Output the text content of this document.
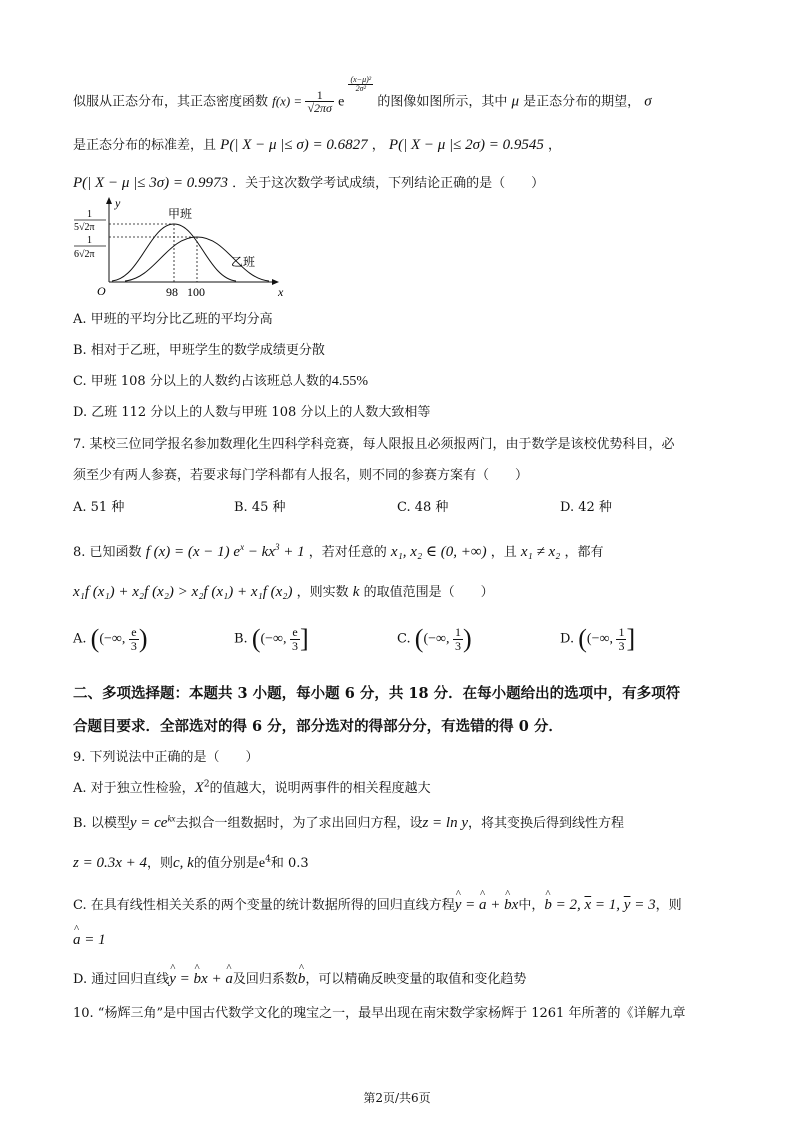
似服从正态分布，其正态密度函数 $f(x) = \frac{1}{√2\pi\sigma}$ e
$\frac{\text{(x−μ)²}}{\text{2σ²}}$
的图像如图所示，其中 μ 是正态分布的期望， σ
是正态分布的标准差，且 P(| X − μ |≤ σ) = 0.6827 ， P(| X − μ |≤ 2σ) = 0.9545 ，
P(| X − μ |≤ 3σ) = 0.9973 ．关于这次数学考试成绩，下列结论正确的是（　　）
y
x
O
1
5√2π
1
6√2π
98 100
甲班
乙班
A. 甲班的平均分比乙班的平均分高
B. 相对于乙班，甲班学生的数学成绩更分散
C. 甲班 108 分以上的人数约占该班总人数的4.55%
D. 乙班 112 分以上的人数与甲班 108 分以上的人数大致相等
7. 某校三位同学报名参加数理化生四科学科竞赛，每人限报且必须报两门，由于数学是该校优势科目，必
须至少有两人参赛，若要求每门学科都有人报名，则不同的参赛方案有（　　）
A. 51 种	B. 45 种	C. 48 种	D. 42 种
8. 已知函数 f (x) = (x − 1) $e^x - kx^3 + 1$ ，若对任意的 x₁, x₂ ∈ (0, +∞) ，且 x₁ ≠ x₂ ，都有
x₁f (x₁) + x₂f (x₂) > x₂f (x₁) + x₁f (x₂) ，则实数 k 的取值范围是（　　）
A. ((−∞, $\frac{e}{3}$ )	B. ((−∞, $\frac{e}{3}$ ]	C. ((−∞, $\frac{1}{3}$ )	D. ((−∞, $\frac{1}{3}$ ]
二、多项选择题：本题共 3 小题，每小题 6 分，共 18 分．在每小题给出的选项中，有多项符
合题目要求．全部选对的得 6 分，部分选对的得部分分，有选错的得 0 分．
9. 下列说法中正确的是（　　）
A. 对于独立性检验，$X^2$的值越大，说明两事件的相关程度越大
B. 以模型$y = ce^{kx}$去拟合一组数据时，为了求出回归方程，设z = ln y，将其变换后得到线性方程
z = 0.3x + 4，则c, k的值分别是$e^4$和 0.3
C. 在具有线性相关关系的两个变量的统计数据所得的回归直线方程^ y = ^ a + ^ bx中，^ b = 2, $\overline{x} = 1$, $\overline{y} = 3$，则
^ a = 1
D. 通过回归直线^ y = ^ bx + ^ a及回归系数^ b，可以精确反映变量的取值和变化趋势
10. “杨辉三角”是中国古代数学文化的瑰宝之一，最早出现在南宋数学家杨辉于 1261 年所著的《详解九章
第2页/共6页
